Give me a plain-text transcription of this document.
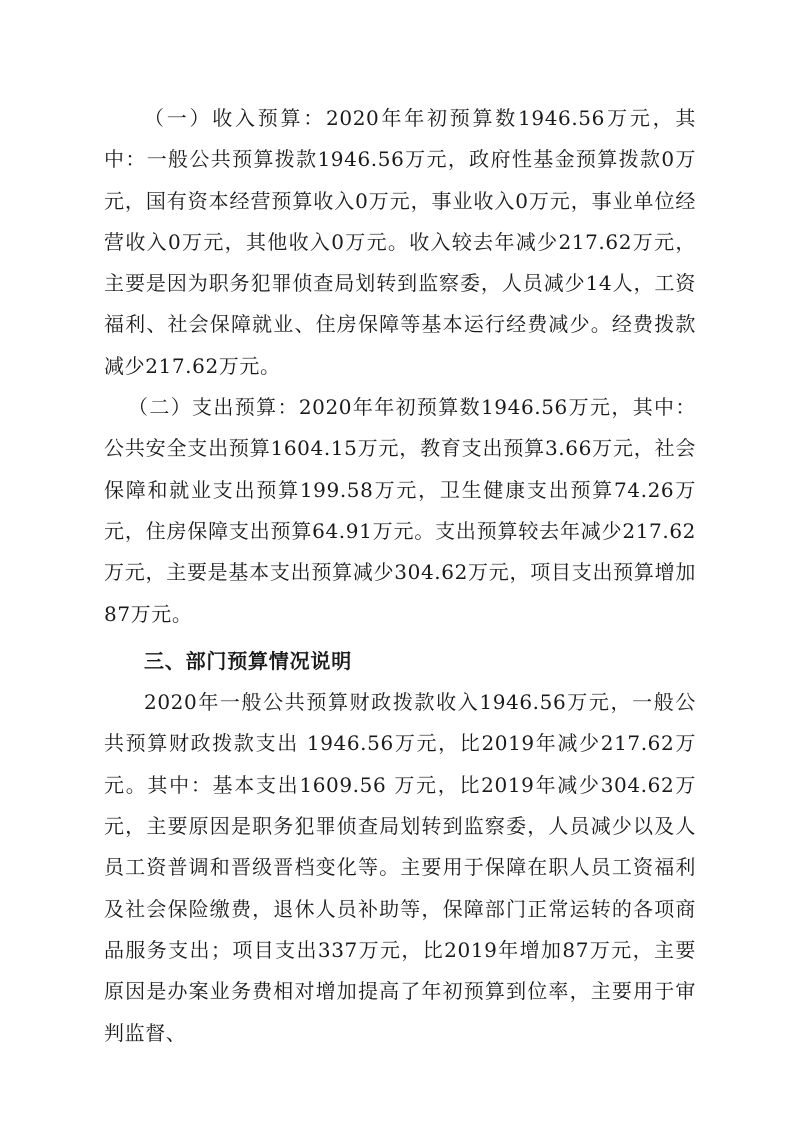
（一）收入预算：2020年年初预算数1946.56万元，其中：一般公共预算拨款1946.56万元，政府性基金预算拨款0万元，国有资本经营预算收入0万元，事业收入0万元，事业单位经营收入0万元，其他收入0万元。收入较去年减少217.62万元，主要是因为职务犯罪侦查局划转到监察委，人员减少14人，工资福利、社会保障就业、住房保障等基本运行经费减少。经费拨款减少217.62万元。

（二）支出预算：2020年年初预算数1946.56万元，其中：公共安全支出预算1604.15万元，教育支出预算3.66万元，社会保障和就业支出预算199.58万元，卫生健康支出预算74.26万元，住房保障支出预算64.91万元。支出预算较去年减少217.62万元，主要是基本支出预算减少304.62万元，项目支出预算增加87万元。

三、部门预算情况说明

2020年一般公共预算财政拨款收入1946.56万元，一般公共预算财政拨款支出 1946.56万元，比2019年减少217.62万元。其中：基本支出1609.56 万元，比2019年减少304.62万元，主要原因是职务犯罪侦查局划转到监察委，人员减少以及人员工资普调和晋级晋档变化等。主要用于保障在职人员工资福利及社会保险缴费，退休人员补助等，保障部门正常运转的各项商品服务支出；项目支出337万元，比2019年增加87万元，主要原因是办案业务费相对增加提高了年初预算到位率，主要用于审判监督、
